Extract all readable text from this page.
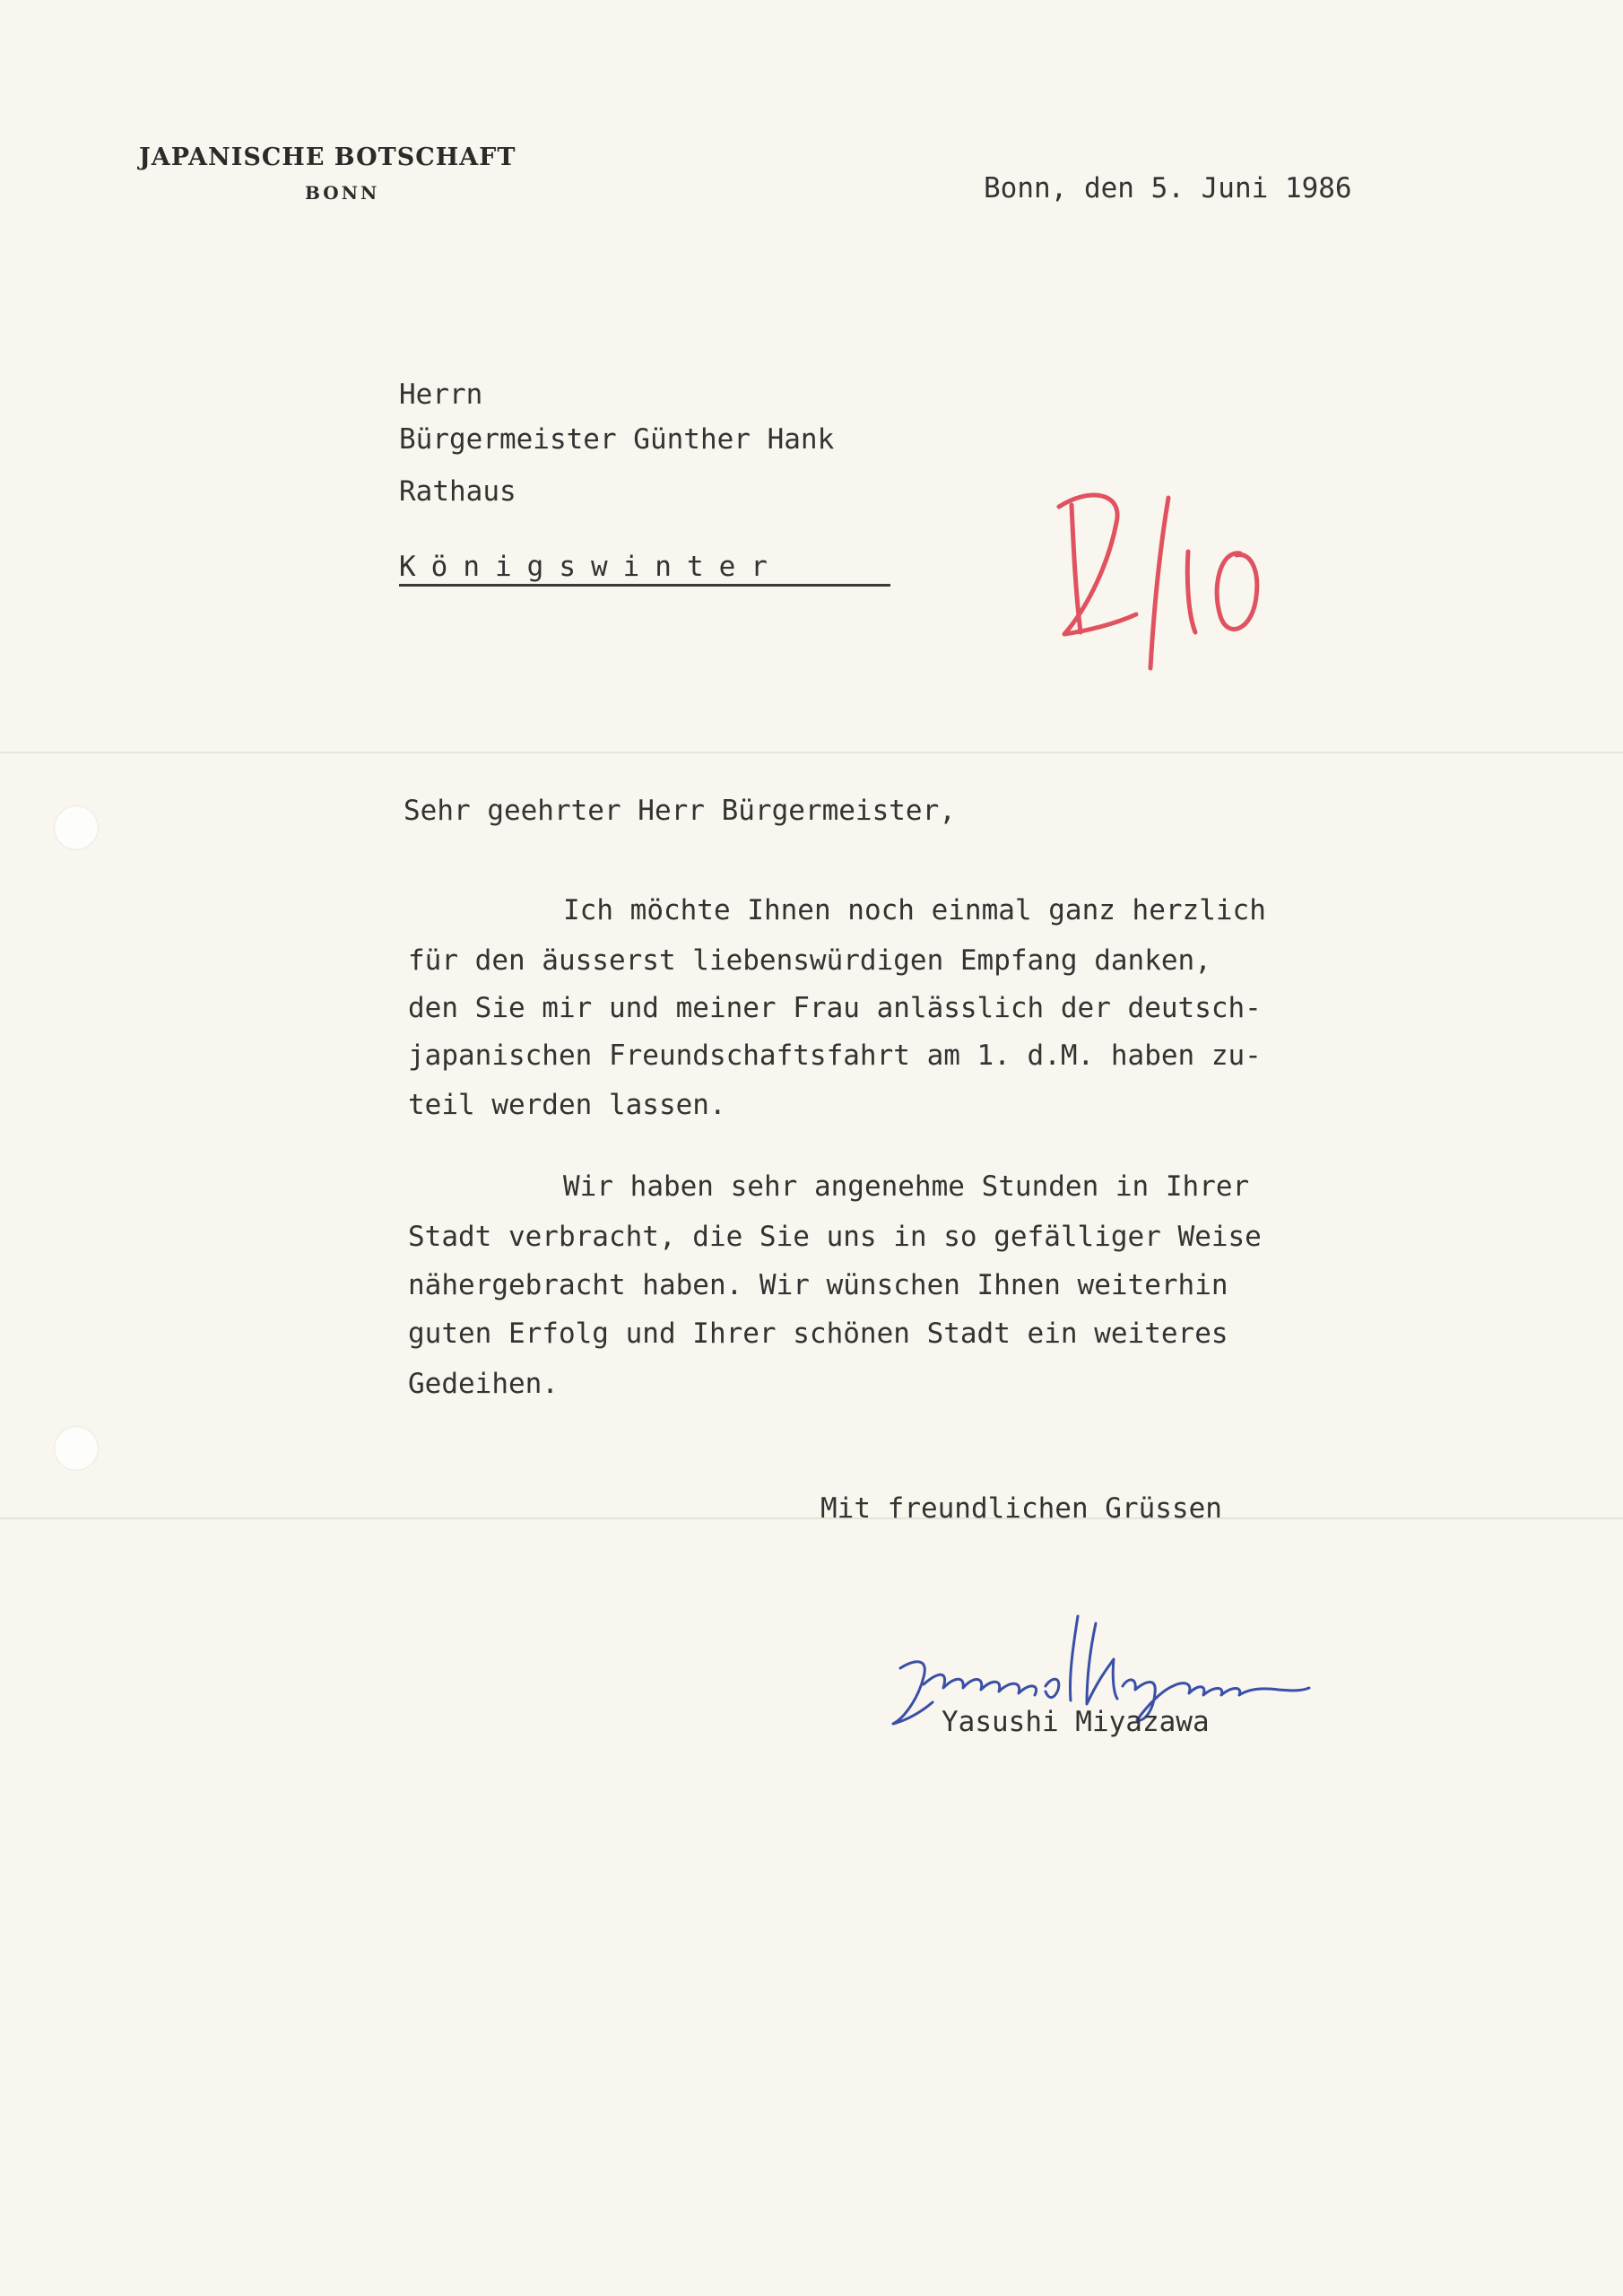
JAPANISCHE BOTSCHAFT
BONN	Bonn, den 5. Juni 1986
Herrn
Bürgermeister Günther Hank
Rathaus
Königswinter
Sehr geehrter Herr Bürgermeister,
Ich möchte Ihnen noch einmal ganz herzlich
für den äusserst liebenswürdigen Empfang danken,
den Sie mir und meiner Frau anlässlich der deutsch-
japanischen Freundschaftsfahrt am 1. d.M. haben zu-
teil werden lassen.
Wir haben sehr angenehme Stunden in Ihrer
Stadt verbracht, die Sie uns in so gefälliger Weise
nähergebracht haben. Wir wünschen Ihnen weiterhin
guten Erfolg und Ihrer schönen Stadt ein weiteres
Gedeihen.
Mit freundlichen Grüssen
Yasushi Miyazawa
